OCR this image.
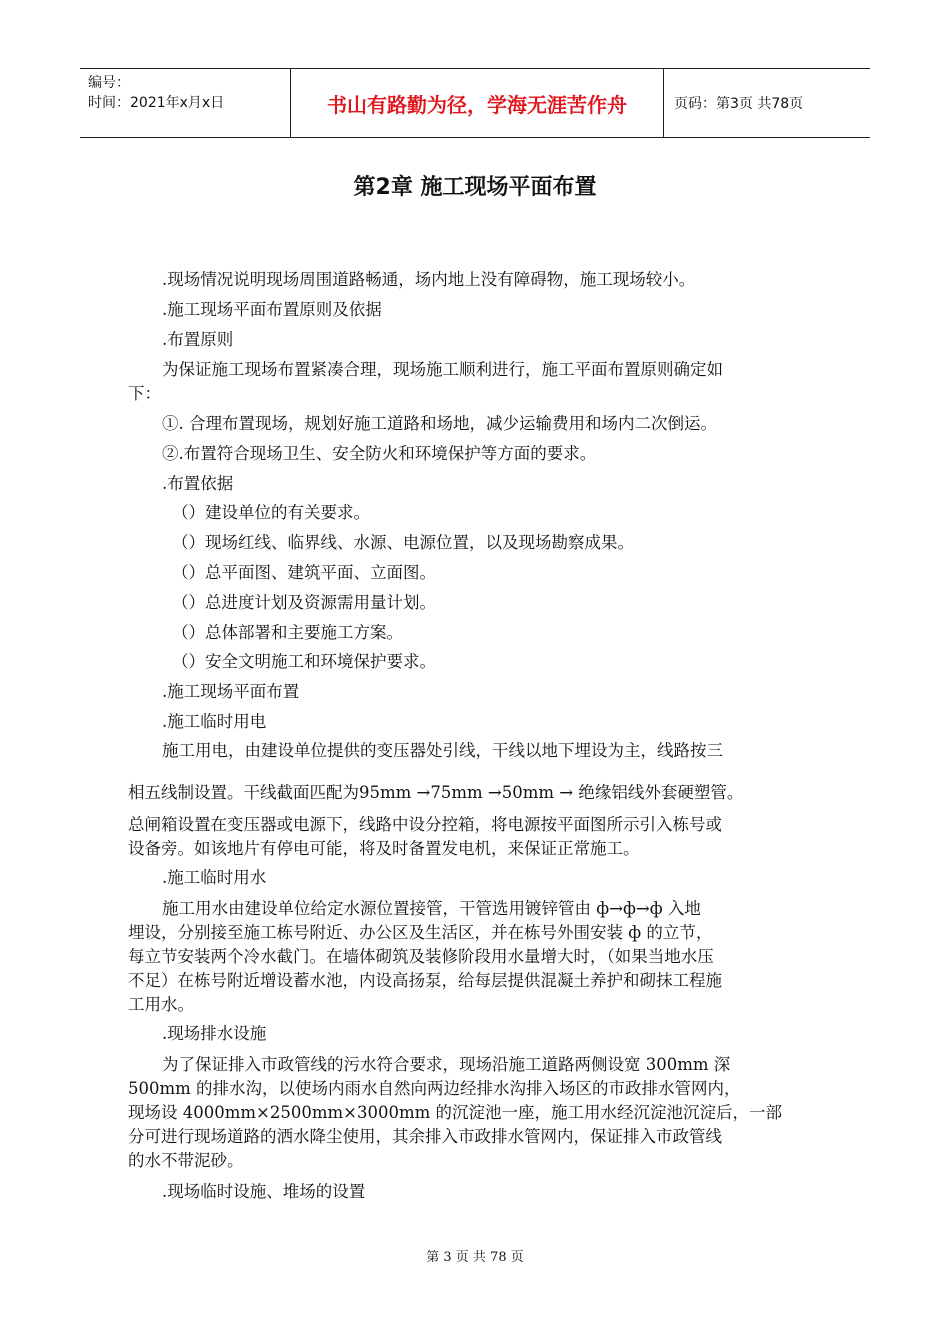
编号：
时间：2021年x月x日	书山有路勤为径，学海无涯苦作舟	页码：第3页 共78页
第2章 施工现场平面布置
.现场情况说明现场周围道路畅通，场内地上没有障碍物，施工现场较小。
.施工现场平面布置原则及依据
.布置原则
为保证施工现场布置紧凑合理，现场施工顺利进行，施工平面布置原则确定如
下：
①. 合理布置现场，规划好施工道路和场地，减少运输费用和场内二次倒运。
②.布置符合现场卫生、安全防火和环境保护等方面的要求。
.布置依据
（）建设单位的有关要求。
（）现场红线、临界线、水源、电源位置，以及现场勘察成果。
（）总平面图、建筑平面、立面图。
（）总进度计划及资源需用量计划。
（）总体部署和主要施工方案。
（）安全文明施工和环境保护要求。
.施工现场平面布置
.施工临时用电
施工用电，由建设单位提供的变压器处引线，干线以地下埋设为主，线路按三
相五线制设置。干线截面匹配为95mm →75mm →50mm → 绝缘铝线外套硬塑管。
总闸箱设置在变压器或电源下，线路中设分控箱，将电源按平面图所示引入栋号或
设备旁。如该地片有停电可能，将及时备置发电机，来保证正常施工。
.施工临时用水
施工用水由建设单位给定水源位置接管，干管选用镀锌管由 ф→ф→ф 入地
埋设，分别接至施工栋号附近、办公区及生活区，并在栋号外围安装 ф 的立节，
每立节安装两个冷水截门。在墙体砌筑及装修阶段用水量增大时，（如果当地水压
不足）在栋号附近增设蓄水池，内设高扬泵，给每层提供混凝土养护和砌抹工程施
工用水。
.现场排水设施
为了保证排入市政管线的污水符合要求，现场沿施工道路两侧设宽 300mm 深
500mm 的排水沟，以使场内雨水自然向两边经排水沟排入场区的市政排水管网内，
现场设 4000mm×2500mm×3000mm 的沉淀池一座，施工用水经沉淀池沉淀后，一部
分可进行现场道路的洒水降尘使用，其余排入市政排水管网内，保证排入市政管线
的水不带泥砂。
.现场临时设施、堆场的设置
第 3 页 共 78 页
